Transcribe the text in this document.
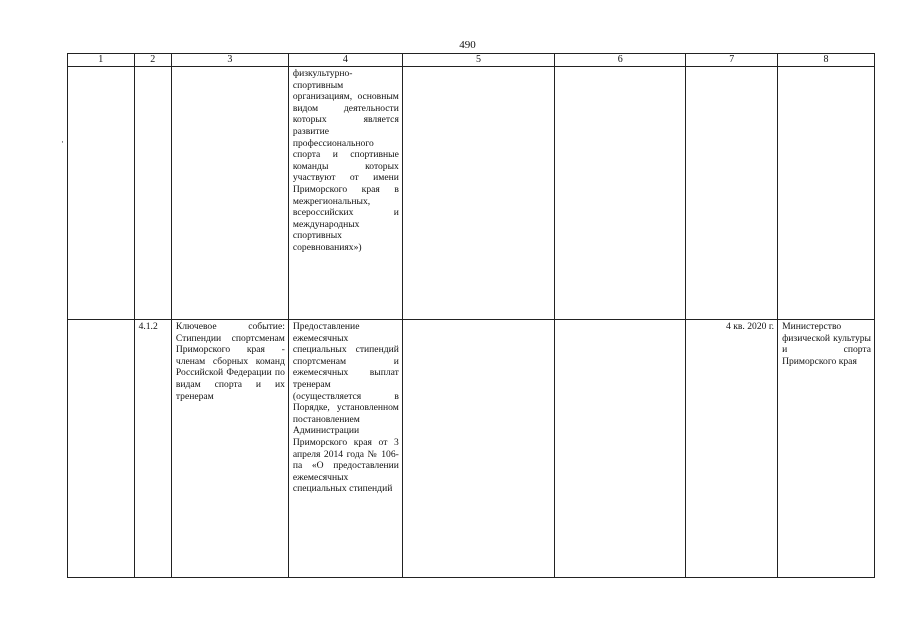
490
·
1	2	3	4	5	6	7	8
			физкультурно-спортивным организациям, основным видом деятельности которых является развитие профессионального спорта и спортивные команды которых участвуют от имени Приморского края в межрегиональных, всероссийских и международных спортивных соревнованиях»)				
	4.1.2	Ключевое событие: Стипендии спортсменам Приморского края - членам сборных команд Российской Федерации по видам спорта и их тренерам	Предоставление ежемесячных специальных стипендий спортсменам и ежемесячных выплат тренерам (осуществляется в Порядке, установленном постановлением Администрации Приморского края от 3 апреля 2014 года № 106-па «О предоставлении ежемесячных специальных стипендий			4 кв. 2020 г.	Министерство физической культуры и спорта Приморского края
